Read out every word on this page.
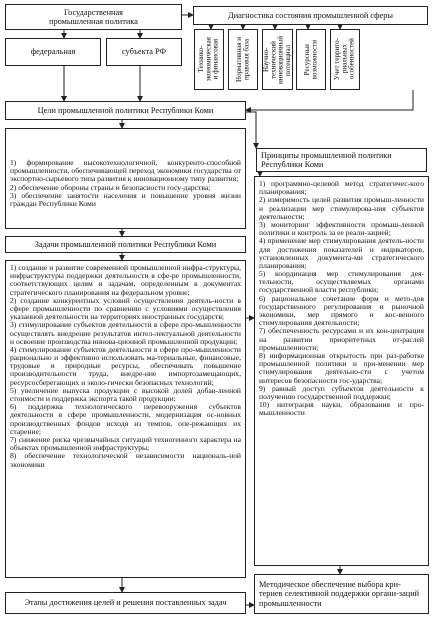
Государственная
промышленная политика
федеральная	субъекта РФ
Диагностика состояния промышленной сферы
Технико-
экономическая
и финансовая Нормативная и
правовая база
Научно-
технический
инновационный
потенциал Ресурсные
возможности Учет террито-
риальных
особенностей
Цели промышленной политики Республики Коми

1) формирование высокотехнологичной, конкуренто-способной промышленности, обеспечивающей переход экономики государства от экспортно-сырьевого типа развития к инновационному типу развития;

2) обеспечение обороны страны и безопасности госу-дарства;

3) обеспечение занятости населения и повышение уровня жизни граждан Республики Коми

Принципы промышленной политики Республики Коми

1) программно-целевой метод стратегичес-кого планирования;

2) измеримость целей развития промыш-ленности и реализации мер стимулирова-ния субъектов деятельности;

3) мониторинг эффективности промыш-ленной политики и контроль за ее реали-зацией;

4) применение мер стимулирования деятель-ности для достижения показателей и индикаторов, установленных документа-ми стратегического планирования;

5) координация мер стимулирования дея-тельности, осуществляемых органами государственной власти республики;

6) рациональное сочетание форм и мето-дов государственного регулирования и рыночной экономики, мер прямого и кос-венного стимулирования деятельности;

7) обеспеченность ресурсами и их кон-центрация на развитии приоритетных от-раслей промышленности;

8) информационная открытость при раз-работке промышленной политики и при-менении мер стимулирования деятельно-сти с учетом интересов безопасности гос-ударства;

9) равный доступ субъектов деятельности к получению государственной поддержки;

10) интеграция науки, образования и про-мышленности

Задачи промышленной политики Республики Коми

1) создание и развитие современной промышленной инфра-структуры, инфраструктуры поддержки деятельности в сфе-ре промышленности, соответствующих целям и задачам, определенным в документах стратегического планирования на федеральном уровне;

2) создание конкурентных условий осуществления деятель-ности в сфере промышленности по сравнению с условиями осуществления указанной деятельности на территориях иностранных государств;

3) стимулирование субъектов деятельности в сфере про-мышленности осуществлять внедрение результатов интел-лектуальной деятельности и освоение производства иннова-ционной промышленной продукции;

4) стимулирование субъектов деятельности в сфере про-мышленности рационально и эффективно использовать ма-териальные, финансовые, трудовые и природные ресурсы, обеспечивать повышение производительности труда, внедре-ние импортозамещающих, ресурсосберегающих и эколо-гически безопасных технологий;

5) увеличение выпуска продукции с высокой долей добав-ленной стоимости и поддержка экспорта такой продукции;

6) поддержка технологического перевооружения субъектов деятельности в сфере промышленности, модернизация ос-новных производственных фондов исходя из темпов, опе-режающих их старение;

7) снижение риска чрезвычайных ситуаций техногенного характера на объектах промышленной инфраструктуры;

8) обеспечение технологической независимости националь-ной экономики

Этапы достижения целей и решения поставленных задач
Методическое обеспечение выбора кри-териев селективной поддержки органи-заций промышленности
